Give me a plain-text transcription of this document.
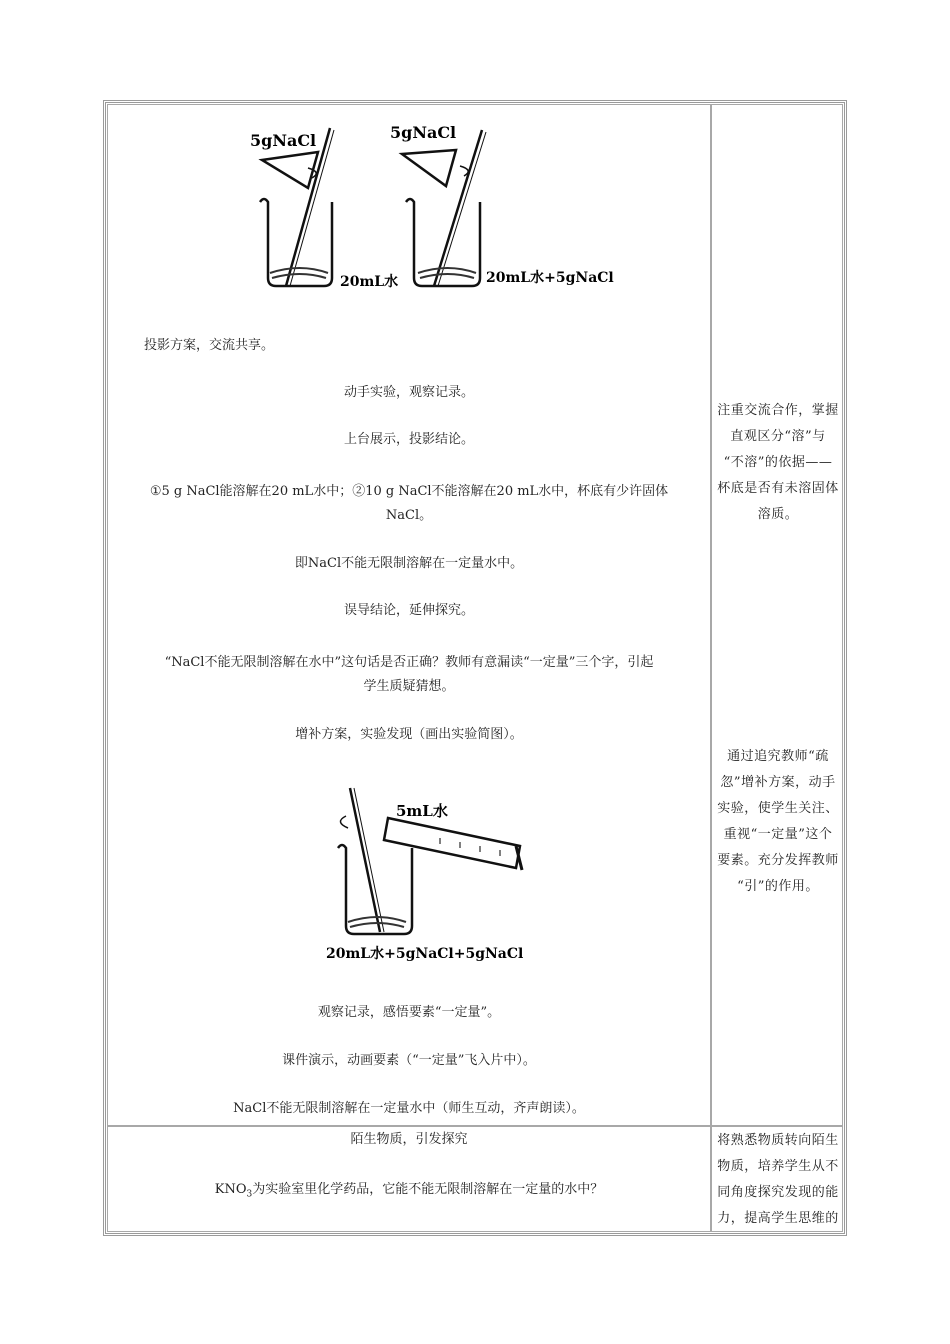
5gNaCl
20mL水
5gNaCl
20mL水+5gNaCl
投影方案，交流共享。
动手实验，观察记录。
上台展示，投影结论。
①5 g NaCl能溶解在20 mL水中；②10 g NaCl不能溶解在20 mL水中，杯底有少许固体
NaCl。
即NaCl不能无限制溶解在一定量水中。
误导结论，延伸探究。
“NaCl不能无限制溶解在水中”这句话是否正确？教师有意漏读“一定量”三个字，引起
学生质疑猜想。
增补方案，实验发现（画出实验简图）。
5mL水
20mL水+5gNaCl+5gNaCl
观察记录，感悟要素“一定量”。
课件演示，动画要素（“一定量”飞入片中）。
NaCl不能无限制溶解在一定量水中（师生互动，齐声朗读）。
注重交流合作，掌握
直观区分“溶”与
“不溶”的依据——
杯底是否有未溶固体
溶质。
通过追究教师“疏
忽”增补方案，动手
实验，使学生关注、
重视“一定量”这个
要素。充分发挥教师
“引”的作用。
陌生物质，引发探究
$KNO_3$为实验室里化学药品，它能不能无限制溶解在一定量的水中？
将熟悉物质转向陌生
物质，培养学生从不
同角度探究发现的能
力，提高学生思维的
